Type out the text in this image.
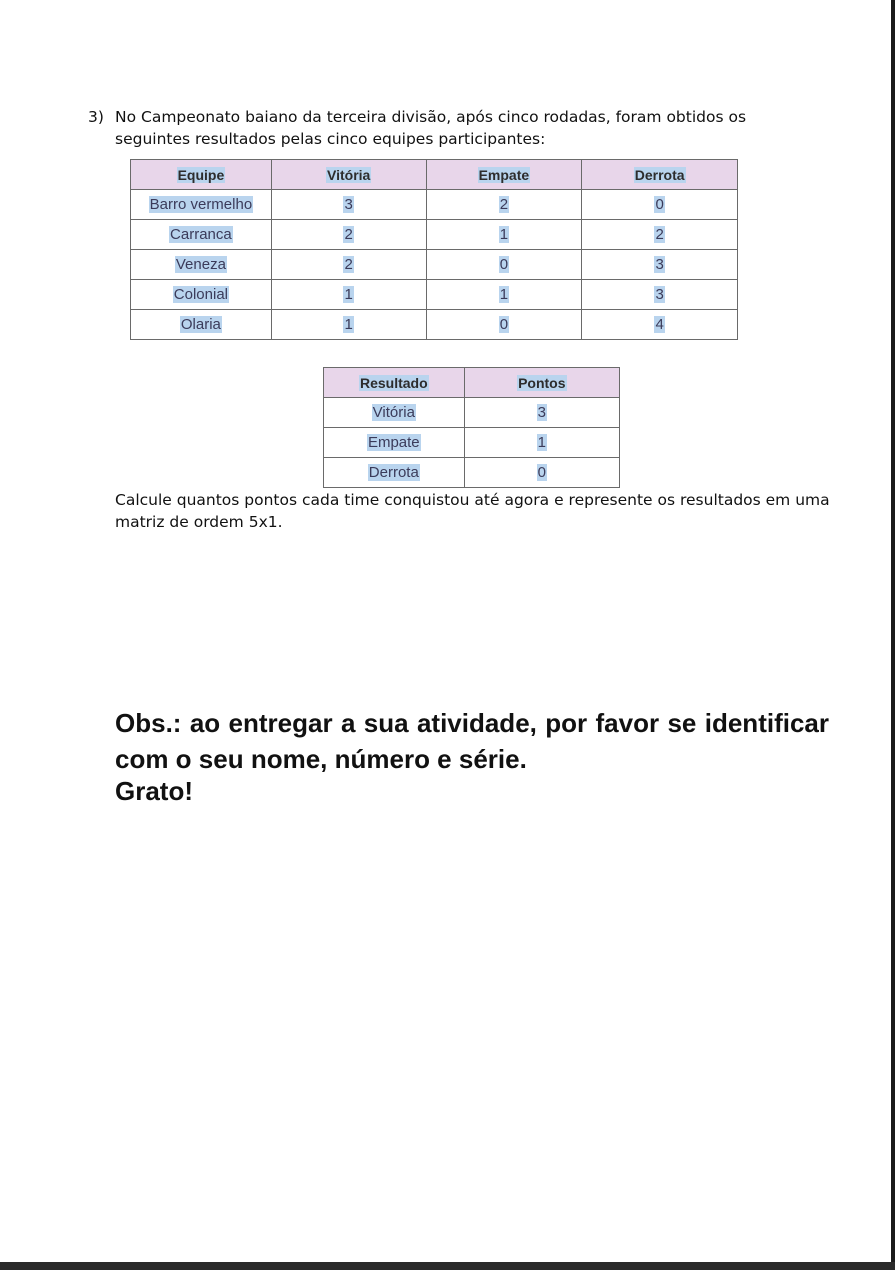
3) No Campeonato baiano da terceira divisão, após cinco rodadas, foram obtidos os seguintes resultados pelas cinco equipes participantes:
Equipe	Vitória	Empate	Derrota
Barro vermelho	3	2	0
Carranca	2	1	2
Veneza	2	0	3
Colonial	1	1	3
Olaria	1	0	4
Resultado	Pontos
Vitória	3
Empate	1
Derrota	0
Calcule quantos pontos cada time conquistou até agora e represente os resultados em uma matriz de ordem 5x1.
Obs.: ao entregar a sua atividade, por favor se identificar com o seu nome, número e série.
Grato!
